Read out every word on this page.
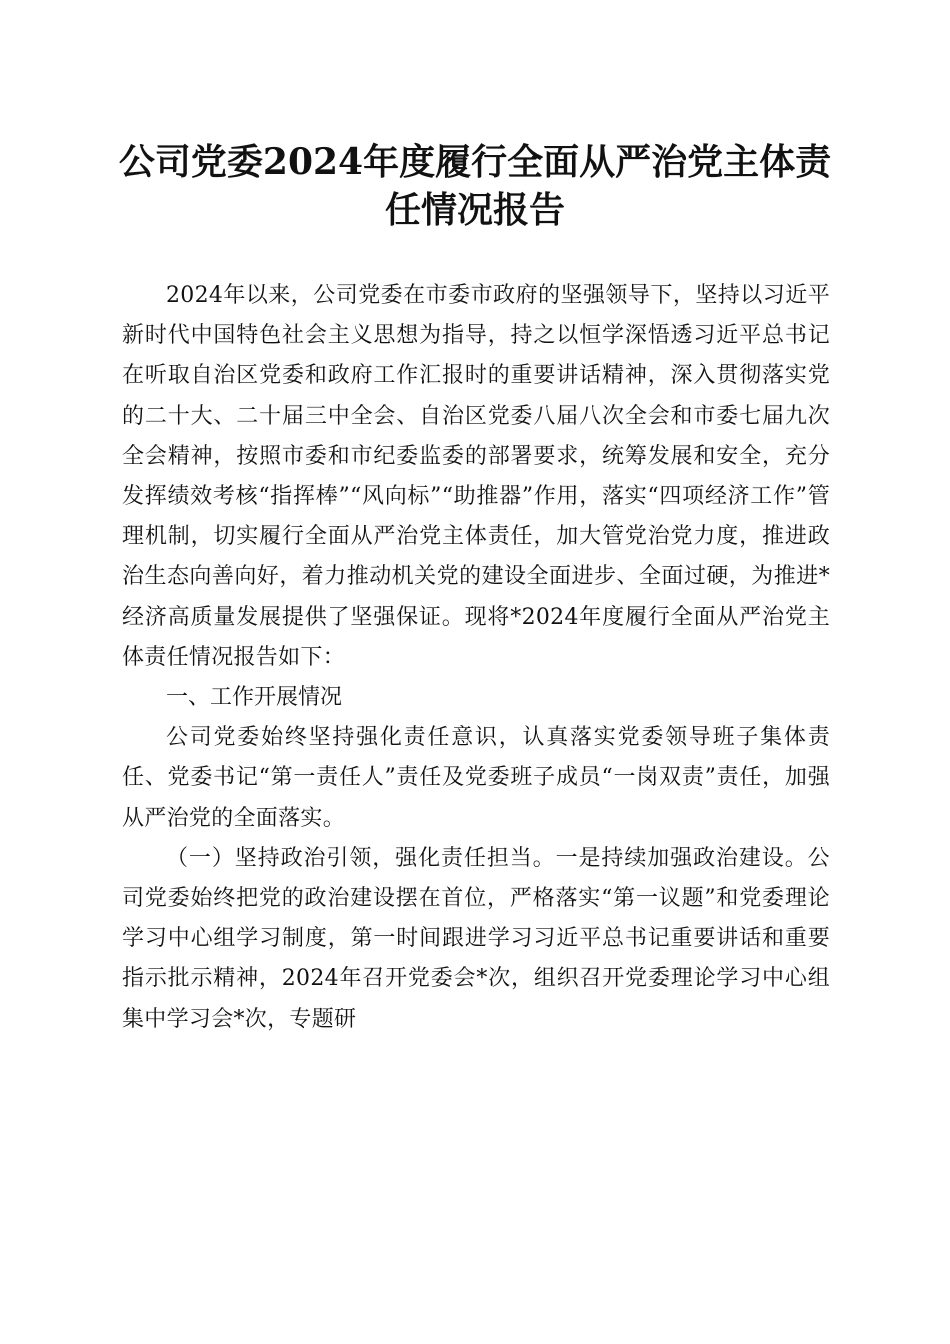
公司党委2024年度履行全面从严治党主体责任情况报告

2024年以来，公司党委在市委市政府的坚强领导下，坚持以习近平新时代中国特色社会主义思想为指导，持之以恒学深悟透习近平总书记在听取自治区党委和政府工作汇报时的重要讲话精神，深入贯彻落实党的二十大、二十届三中全会、自治区党委八届八次全会和市委七届九次全会精神，按照市委和市纪委监委的部署要求，统筹发展和安全，充分发挥绩效考核“指挥棒”“风向标”“助推器”作用，落实“四项经济工作”管理机制，切实履行全面从严治党主体责任，加大管党治党力度，推进政治生态向善向好，着力推动机关党的建设全面进步、全面过硬，为推进*经济高质量发展提供了坚强保证。现将*2024年度履行全面从严治党主体责任情况报告如下：

一、工作开展情况

公司党委始终坚持强化责任意识，认真落实党委领导班子集体责任、党委书记“第一责任人”责任及党委班子成员“一岗双责”责任，加强从严治党的全面落实。

（一）坚持政治引领，强化责任担当。一是持续加强政治建设。公司党委始终把党的政治建设摆在首位，严格落实“第一议题”和党委理论学习中心组学习制度，第一时间跟进学习习近平总书记重要讲话和重要指示批示精神，2024年召开党委会*次，组织召开党委理论学习中心组集中学习会*次，专题研
